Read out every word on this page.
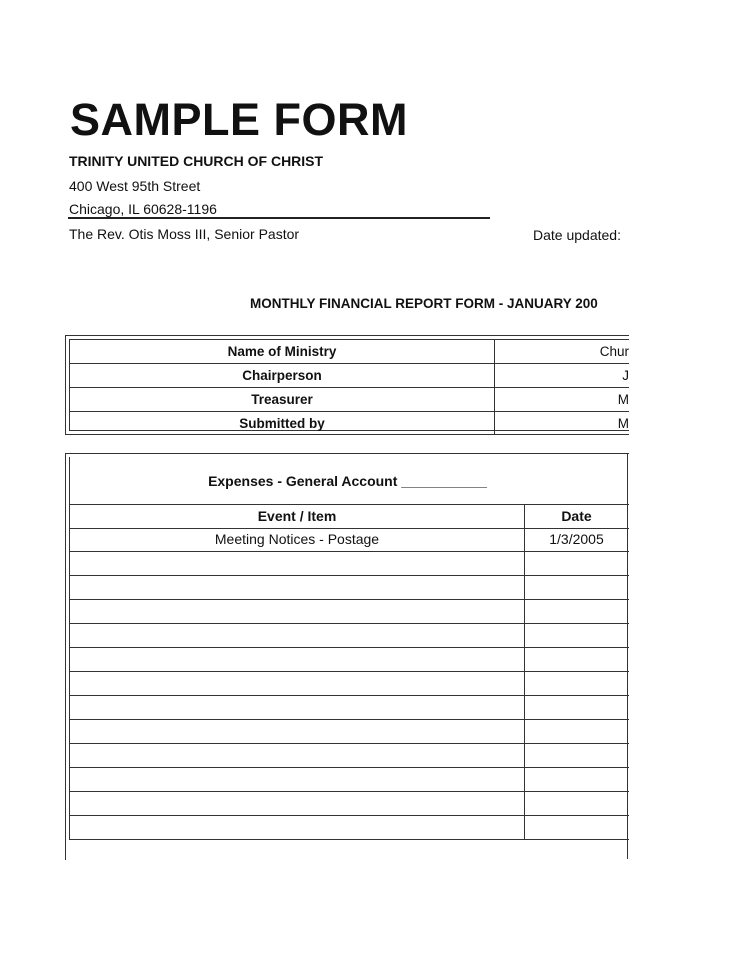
SAMPLE FORM
TRINITY UNITED CHURCH OF CHRIST
400 West 95th Street
Chicago, IL 60628-1196
The Rev. Otis Moss III, Senior Pastor	Date updated:
MONTHLY FINANCIAL REPORT FORM - JANUARY 200
Name of Ministry	Chur
Chairperson	J
Treasurer	M
Submitted by	M
Expenses - General Account ___________
Event / Item	Date
Meeting Notices - Postage	1/3/2005
